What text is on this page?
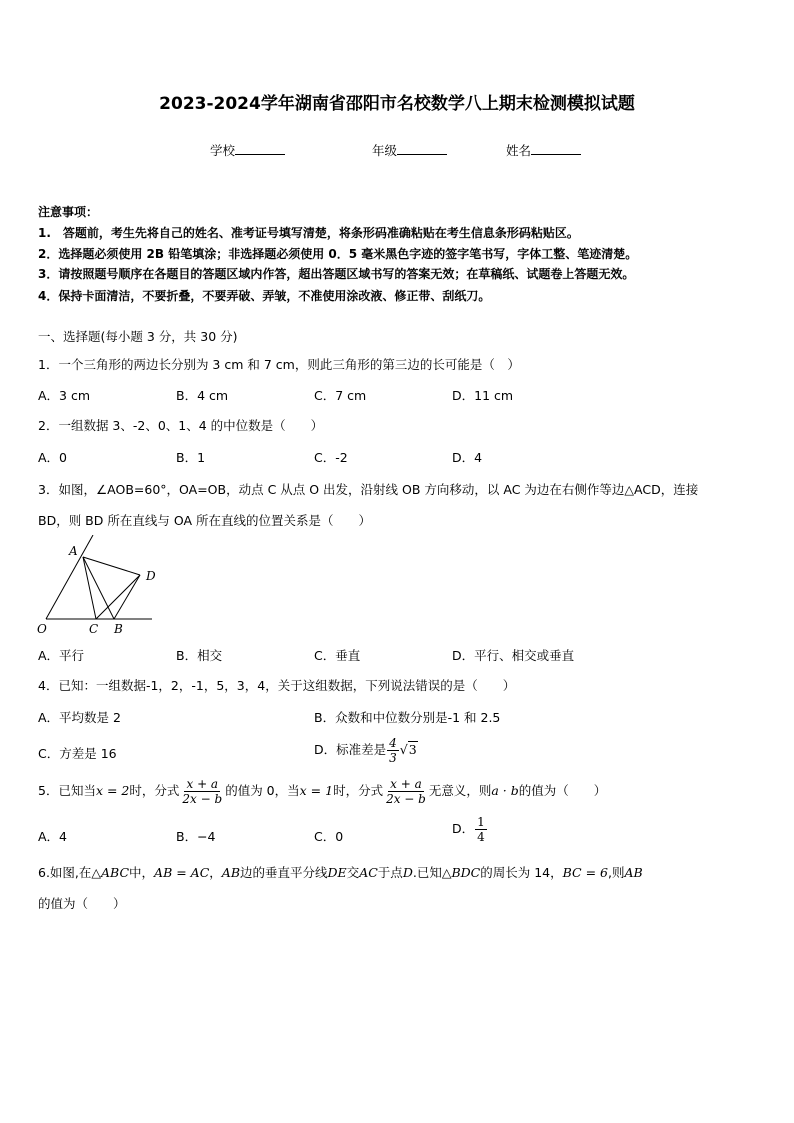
2023-2024学年湖南省邵阳市名校数学八上期末检测模拟试题
学校	年级	姓名
注意事项：
1.　答题前，考生先将自己的姓名、准考证号填写清楚，将条形码准确粘贴在考生信息条形码粘贴区。
2．选择题必须使用 2B 铅笔填涂；非选择题必须使用 0．5 毫米黑色字迹的签字笔书写，字体工整、笔迹清楚。
3．请按照题号顺序在各题目的答题区域内作答，超出答题区域书写的答案无效；在草稿纸、试题卷上答题无效。
4．保持卡面清洁，不要折叠，不要弄破、弄皱，不准使用涂改液、修正带、刮纸刀。
一、选择题(每小题 3 分，共 30 分)
1．一个三角形的两边长分别为 3 cm 和 7 cm，则此三角形的第三边的长可能是（　）
A．3 cm	B．4 cm	C．7 cm	D．11 cm
2．一组数据 3、-2、0、1、4 的中位数是（　　）
A．0	B．1	C．-2	D．4
3．如图，∠AOB=60°，OA=OB，动点 C 从点 O 出发，沿射线 OB 方向移动，以 AC 为边在右侧作等边△ACD，连接
BD，则 BD 所在直线与 OA 所在直线的位置关系是（　　）
A
D
O	C B
A．平行	B．相交	C．垂直	D．平行、相交或垂直
4．已知：一组数据-1，2，-1，5，3，4，关于这组数据，下列说法错误的是（　　）
A．平均数是 2	B．众数和中位数分别是-1 和 2.5
C．方差是 16	D．标准差是 $\frac{4}{3} √3$
5．已知当x = 2时，分式 $\frac{x + a}{2x - b}$ 的值为 0，当x = 1时，分式 $\frac{x + a}{2x - b}$ 无意义，则a · b的值为（　　）
A．4	B．−4	C．0
D． $\frac{1}{4}$
6.如图,在△ABC中，AB = AC，AB边的垂直平分线DE交AC于点D.已知△BDC的周长为 14，BC = 6,则AB
的值为（　　）
